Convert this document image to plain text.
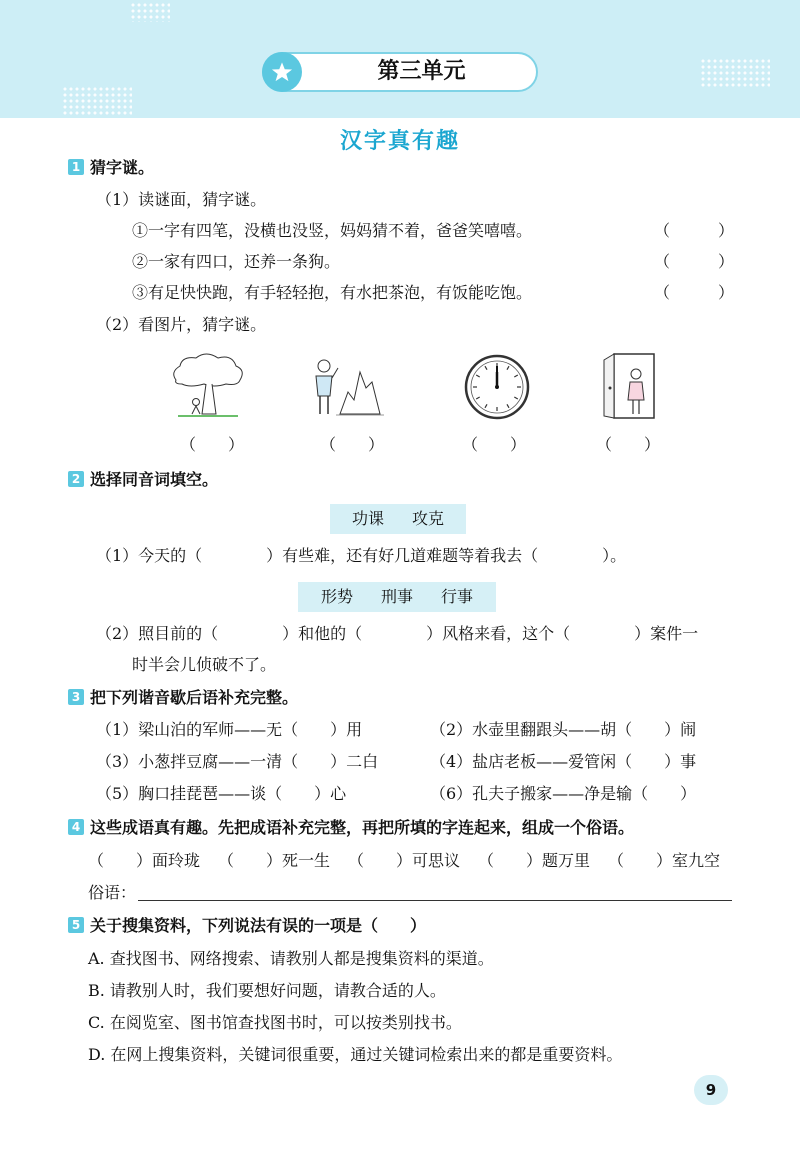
第三单元
汉字真有趣
1 猜字谜。
（1）读谜面，猜字谜。
①一字有四笔，没横也没竖，妈妈猜不着，爸爸笑嘻嘻。	（　　　）
②一家有四口，还养一条狗。	（　　　）
③有足快快跑，有手轻轻抱，有水把茶泡，有饭能吃饱。	（　　　）
（2）看图片，猜字谜。
（　　）	（　　）	（　　）	（　　）
2 选择同音词填空。
功课 攻克
（1）今天的（　　　　）有些难，还有好几道难题等着我去（　　　　）。
形势 刑事 行事
（2）照目前的（　　　　）和他的（　　　　）风格来看，这个（　　　　）案件一
时半会儿侦破不了。
3 把下列谐音歇后语补充完整。
（1）梁山泊的军师——无（　　）用	（2）水壶里翻跟头——胡（　　）闹
（3）小葱拌豆腐——一清（　　）二白	（4）盐店老板——爱管闲（　　）事
（5）胸口挂琵琶——谈（　　）心	（6）孔夫子搬家——净是输（　　）
4 这些成语真有趣。先把成语补充完整，再把所填的字连起来，组成一个俗语。
（　　）面玲珑 （　　）死一生 （　　）可思议 （　　）题万里 （　　）室九空
俗语：
5 关于搜集资料，下列说法有误的一项是（　　）
A. 查找图书、网络搜索、请教别人都是搜集资料的渠道。
B. 请教别人时，我们要想好问题，请教合适的人。
C. 在阅览室、图书馆查找图书时，可以按类别找书。
D. 在网上搜集资料，关键词很重要，通过关键词检索出来的都是重要资料。
9
